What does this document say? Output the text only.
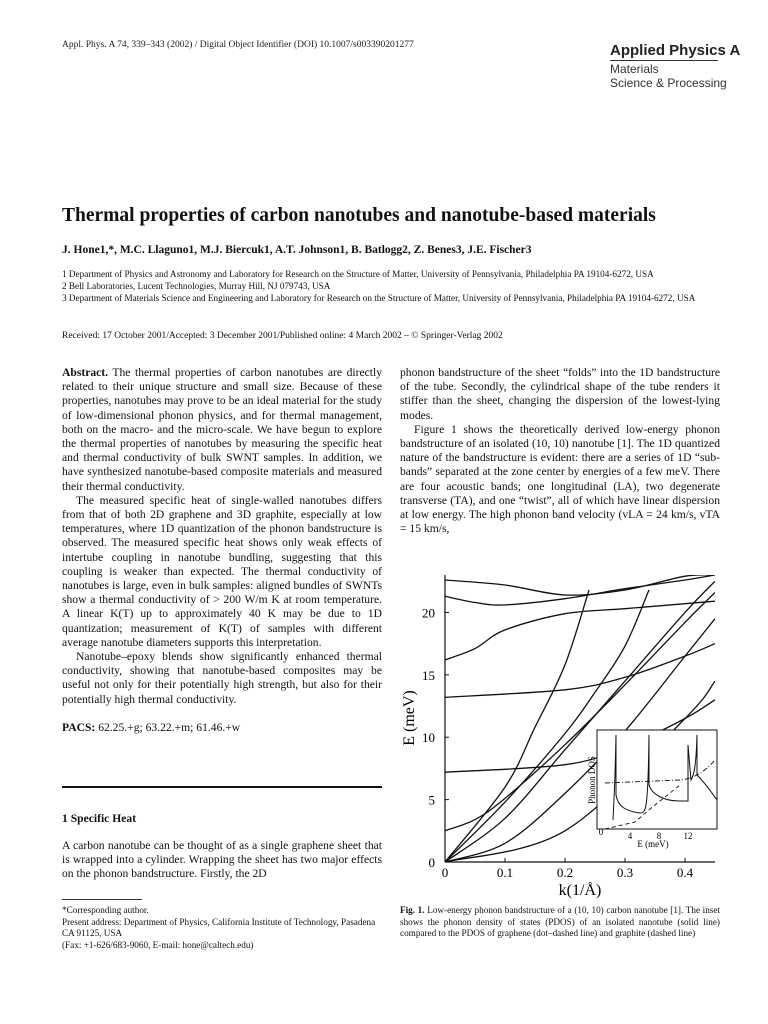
Appl. Phys. A 74, 339–343 (2002) / Digital Object Identifier (DOI) 10.1007/s003390201277	Applied Physics A
Materials
Science & Processing
Thermal properties of carbon nanotubes and nanotube-based materials
J. Hone1,*, M.C. Llaguno1, M.J. Biercuk1, A.T. Johnson1, B. Batlogg2, Z. Benes3, J.E. Fischer3
1 Department of Physics and Astronomy and Laboratory for Research on the Structure of Matter, University of Pennsylvania, Philadelphia PA 19104-6272, USA
2 Bell Laboratories, Lucent Technologies, Murray Hill, NJ 079743, USA
3 Department of Materials Science and Engineering and Laboratory for Research on the Structure of Matter, University of Pennsylvania, Philadelphia PA 19104-6272, USA
Received: 17 October 2001/Accepted: 3 December 2001/Published online: 4 March 2002 – © Springer-Verlag 2002

Abstract. The thermal properties of carbon nanotubes are directly related to their unique structure and small size. Because of these properties, nanotubes may prove to be an ideal material for the study of low-dimensional phonon physics, and for thermal management, both on the macro- and the micro-scale. We have begun to explore the thermal properties of nanotubes by measuring the specific heat and thermal conductivity of bulk SWNT samples. In addition, we have synthesized nanotube-based composite materials and measured their thermal conductivity.

The measured specific heat of single-walled nanotubes differs from that of both 2D graphene and 3D graphite, especially at low temperatures, where 1D quantization of the phonon bandstructure is observed. The measured specific heat shows only weak effects of intertube coupling in nanotube bundling, suggesting that this coupling is weaker than expected. The thermal conductivity of nanotubes is large, even in bulk samples: aligned bundles of SWNTs show a thermal conductivity of > 200 W/m K at room temperature. A linear K(T) up to approximately 40 K may be due to 1D quantization; measurement of K(T) of samples with different average nanotube diameters supports this interpretation.

Nanotube–epoxy blends show significantly enhanced thermal conductivity, showing that nanotube-based composites may be useful not only for their potentially high strength, but also for their potentially high thermal conductivity.

PACS: 62.25.+g; 63.22.+m; 61.46.+w

1 Specific Heat
A carbon nanotube can be thought of as a single graphene sheet that is wrapped into a cylinder. Wrapping the sheet has two major effects on the phonon bandstructure. Firstly, the 2D
*Corresponding author.
Present address: Department of Physics, California Institute of Technology, Pasadena CA 91125, USA
(Fax: +1-626/683-9060, E-mail: hone@caltech.edu)

phonon bandstructure of the sheet “folds” into the 1D bandstructure of the tube. Secondly, the cylindrical shape of the tube renders it stiffer than the sheet, changing the dispersion of the lowest-lying modes.

Figure 1 shows the theoretically derived low-energy phonon bandstructure of an isolated (10, 10) nanotube [1]. The 1D quantized nature of the bandstructure is evident: there are a series of 1D “sub-bands” separated at the zone center by energies of a few meV. There are four acoustic bands; one longitudinal (LA), two degenerate transverse (TA), and one “twist”, all of which have linear dispersion at low energy. The high phonon band velocity (vLA = 24 km/s, vTA = 15 km/s,

0	0.1	0.2	0.3	0.4
0
5
10
15
20
k(1/Å)
E (meV)
0	4	8 12
E (meV)
Phonon DOS
Fig. 1. Low-energy phonon bandstructure of a (10, 10) carbon nanotube [1]. The inset shows the phonon density of states (PDOS) of an isolated nanotube (solid line) compared to the PDOS of graphene (dot–dashed line) and graphite (dashed line)
